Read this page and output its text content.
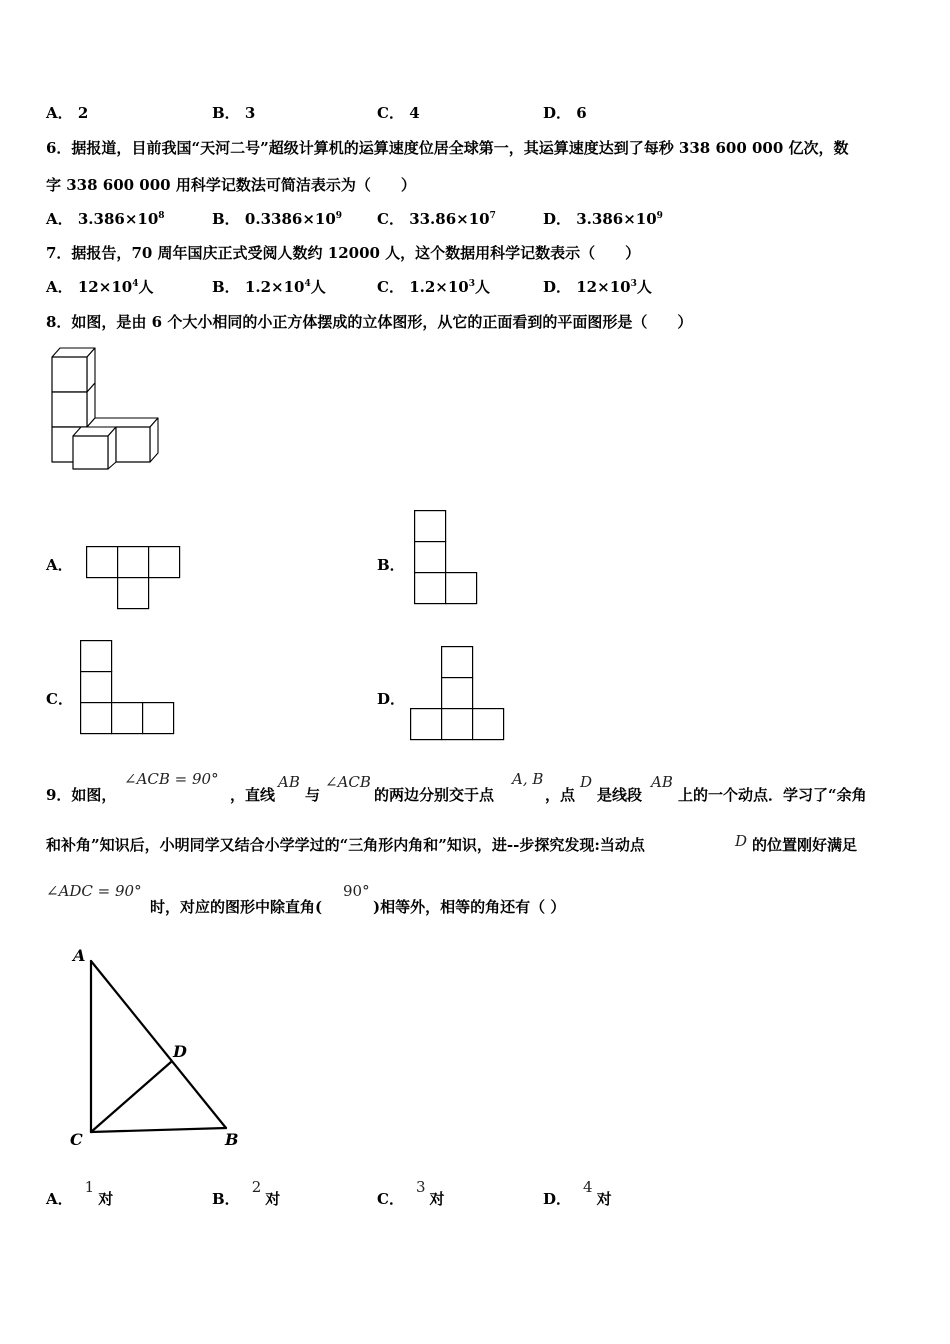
A． 2	B． 3	C． 4	D． 6
6．据报道，目前我国“天河二号”超级计算机的运算速度位居全球第一，其运算速度达到了每秒 338 600 000 亿次，数
字 338 600 000 用科学记数法可简洁表示为（　　）
A． $3.386\times 10^8$	B． $0.3386\times 10^9$ C． $33.86\times 10^7$	D． $3.386\times 10^9$
7．据报告，70 周年国庆正式受阅人数约 12000 人，这个数据用科学记数表示（　　）
A． $12\times 10^4$人	B． $1.2\times 10^4$人	C． $1.2\times 10^3$人	D． $12\times 10^3$人
8．如图，是由 6 个大小相同的小正方体摆成的立体图形，从它的正面看到的平面图形是（　　）
A．	B．
C．	D．
9．如图，
∠ACB = 90°
，直线
AB
与
∠ACB
的两边分别交于点
A, B
，点
D
是线段
AB
上的一个动点．学习了“余角
和补角”知识后，小明同学又结合小学学过的“三角形内角和”知识，进--步探究发现:当动点	D 的位置刚好满足
∠ADC = 90°
时，对应的图形中除直角(
90°
)相等外，相等的角还有（ ）
A
D
C	B
A．1对	B．2对	C．3对	D．4对
